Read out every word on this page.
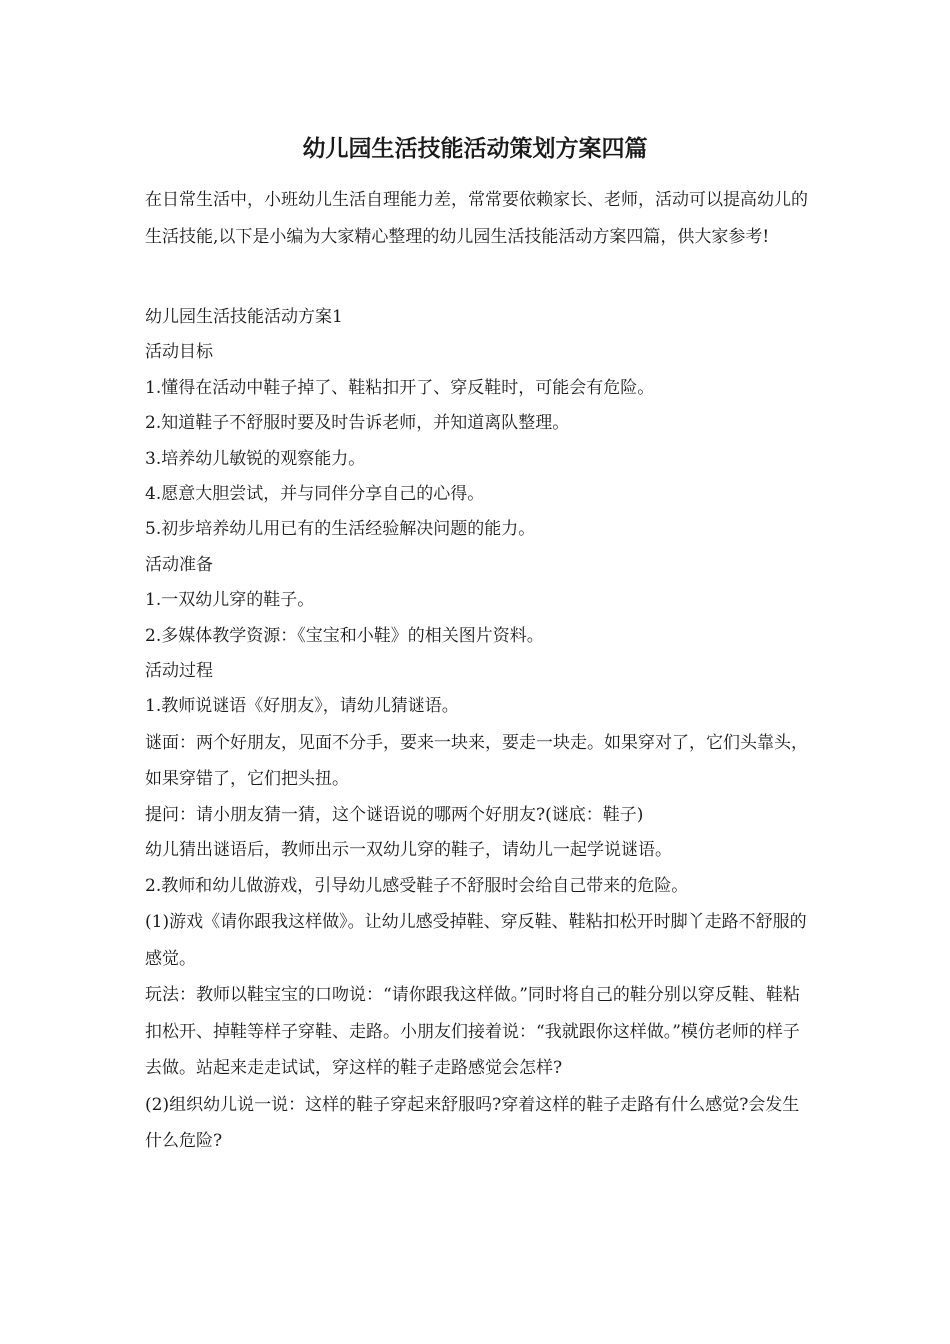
幼儿园生活技能活动策划方案四篇

在日常生活中，小班幼儿生活自理能力差，常常要依赖家长、老师，活动可以提高幼儿的生活技能,以下是小编为大家精心整理的幼儿园生活技能活动方案四篇，供大家参考!

幼儿园生活技能活动方案1

活动目标

1.懂得在活动中鞋子掉了、鞋粘扣开了、穿反鞋时，可能会有危险。

2.知道鞋子不舒服时要及时告诉老师，并知道离队整理。

3.培养幼儿敏锐的观察能力。

4.愿意大胆尝试，并与同伴分享自己的心得。

5.初步培养幼儿用已有的生活经验解决问题的能力。

活动准备

1.一双幼儿穿的鞋子。

2.多媒体教学资源：《宝宝和小鞋》的相关图片资料。

活动过程

1.教师说谜语《好朋友》，请幼儿猜谜语。

谜面：两个好朋友，见面不分手，要来一块来，要走一块走。如果穿对了，它们头靠头，如果穿错了，它们把头扭。

提问：请小朋友猜一猜，这个谜语说的哪两个好朋友?(谜底：鞋子)

幼儿猜出谜语后，教师出示一双幼儿穿的鞋子，请幼儿一起学说谜语。

2.教师和幼儿做游戏，引导幼儿感受鞋子不舒服时会给自己带来的危险。

(1)游戏《请你跟我这样做》。让幼儿感受掉鞋、穿反鞋、鞋粘扣松开时脚丫走路不舒服的感觉。

玩法：教师以鞋宝宝的口吻说：“请你跟我这样做。”同时将自己的鞋分别以穿反鞋、鞋粘扣松开、掉鞋等样子穿鞋、走路。小朋友们接着说：“我就跟你这样做。”模仿老师的样子去做。站起来走走试试，穿这样的鞋子走路感觉会怎样?

(2)组织幼儿说一说：这样的鞋子穿起来舒服吗?穿着这样的鞋子走路有什么感觉?会发生什么危险?
